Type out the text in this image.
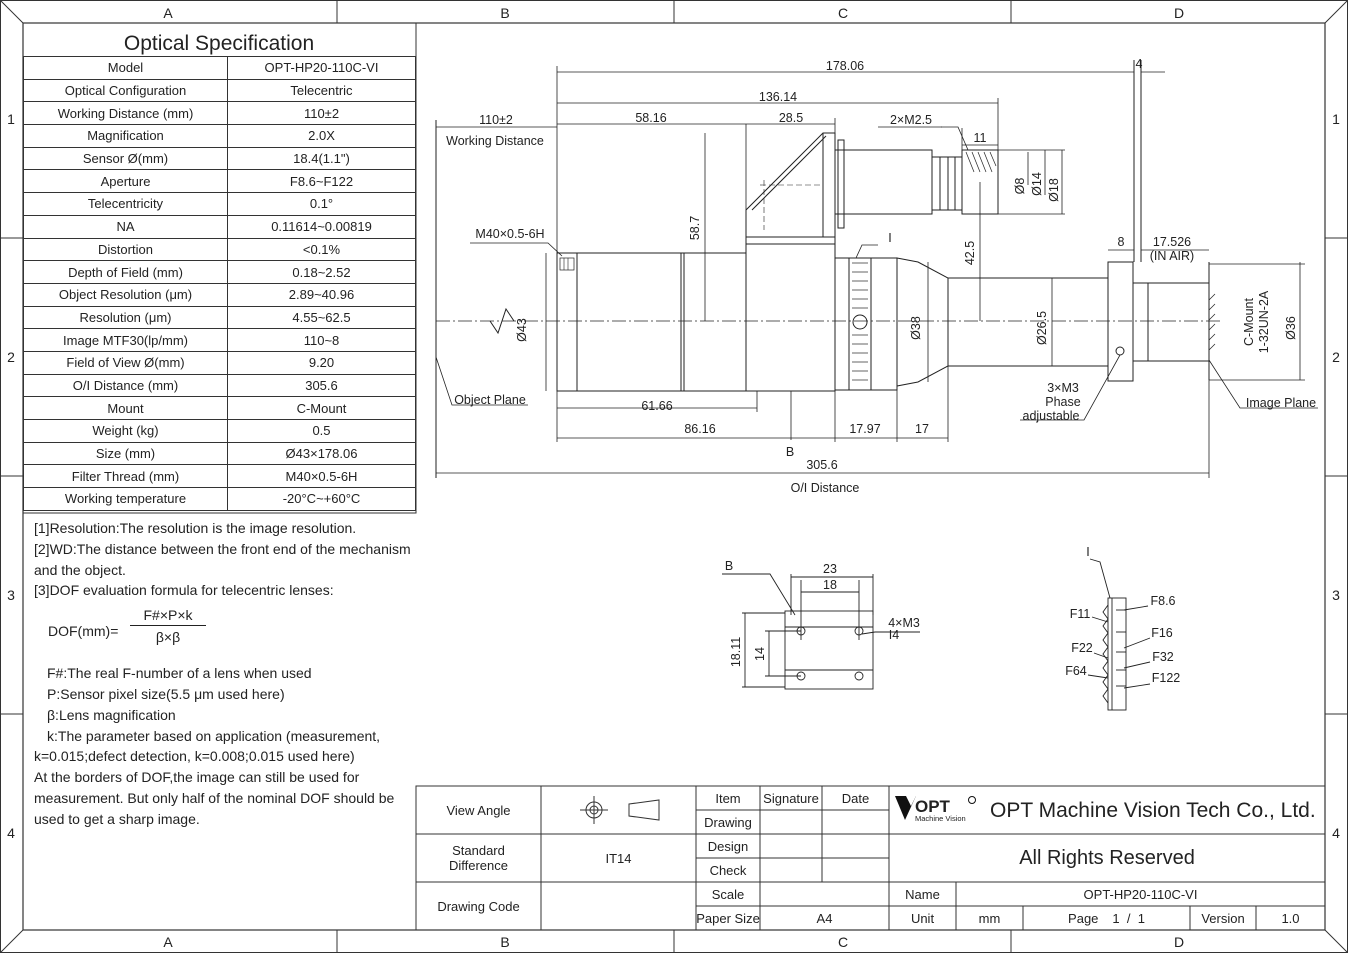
A	B	C	D
A	B	C	D
1
2
3
4
1
2
3
4
178.06	4
136.14
110±2
Working Distance
58.16	28.5	2×M2.5
11
Ø8 Ø14 Ø18
M40×0.5-6H	58.7
42.5
I	8 17.526
(IN AIR)
Ø43	Ø38	Ø26.5	C-Mount 1-32UN-2A Ø36
3×M3
Phase
adjustable
Object Plane	Image Plane
61.66
86.16	17.97	17
B
305.6
O/I Distance
B	23
18
18.11 14
4×M3
I4
I
F11
F22
F64
F8.6
F16
F32
F122
OPT
Machine Vision
Optical Specification
Model	OPT-HP20-110C-VI
Optical Configuration	Telecentric
Working Distance (mm)	110±2
Magnification	2.0X
Sensor Ø(mm)	18.4(1.1")
Aperture	F8.6~F122
Telecentricity	0.1°
NA	0.11614~0.00819
Distortion	<0.1%
Depth of Field (mm)	0.18~2.52
Object Resolution (μm)	2.89~40.96
Resolution (μm)	4.55~62.5
Image MTF30(lp/mm)	110~8
Field of View Ø(mm)	9.20
O/I Distance (mm)	305.6
Mount	C-Mount
Weight (kg)	0.5
Size (mm)	Ø43×178.06
Filter Thread (mm)	M40×0.5-6H
Working temperature	-20°C~+60°C
[1]Resolution:The resolution is the image resolution.
[2]WD:The distance between the front end of the mechanism
and the object.
[3]DOF evaluation formula for telecentric lenses:
DOF(mm)=
F#×P×k
β×β
F#:The real F-number of a lens when used
P:Sensor pixel size(5.5 μm used here)
β:Lens magnification
k:The parameter based on application (measurement,
k=0.015;defect detection, k=0.008;0.015 used here)
At the borders of DOF,the image can still be used for
measurement. But only half of the nominal DOF should be
used to get a sharp image.
View Angle
Standard
Difference	IT14
Drawing Code
Item	Signature	Date
Drawing
Design
Check
Scale
Paper Size	A4
OPT Machine Vision Tech Co., Ltd.
All Rights Reserved
Name	OPT-HP20-110C-VI
Unit	mm	Page 1  /  1	Version	1.0
